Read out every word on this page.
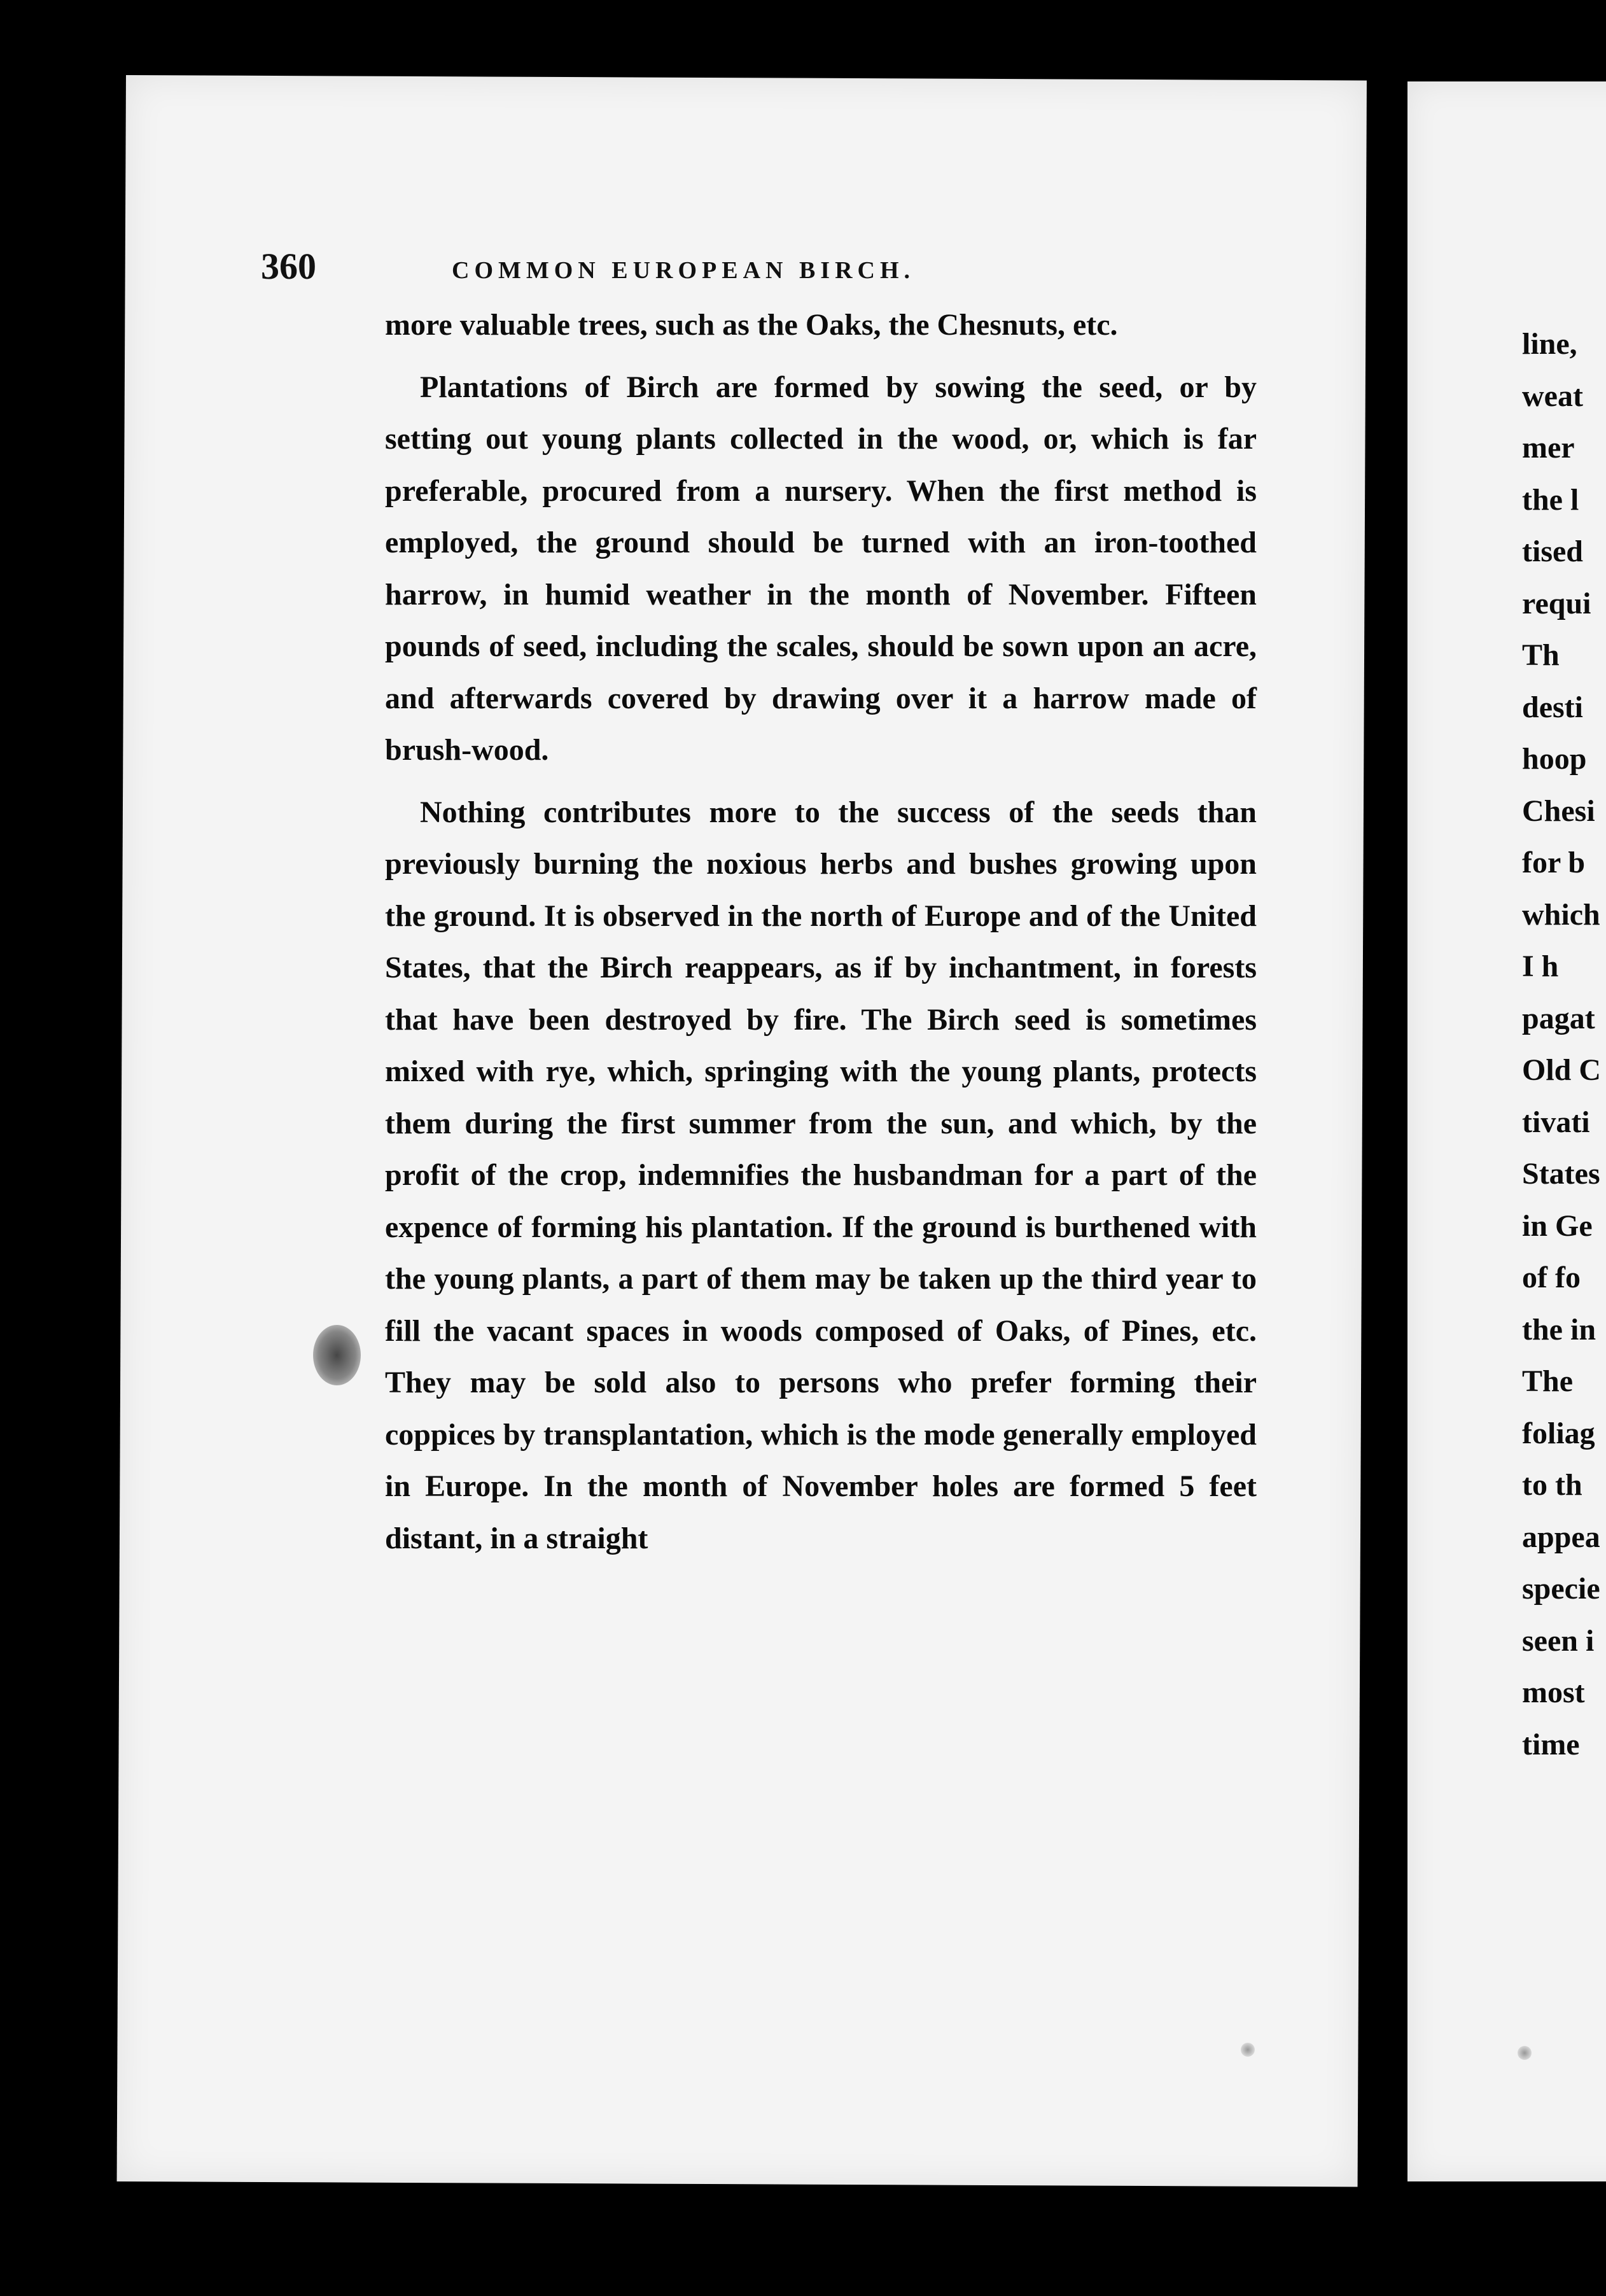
360	COMMON EUROPEAN BIRCH.

more valuable trees, such as the Oaks, the Chesnuts, etc.

Plantations of Birch are formed by sowing the seed, or by setting out young plants collected in the wood, or, which is far preferable, procured from a nursery. When the first method is employed, the ground should be turned with an iron-toothed harrow, in humid weather in the month of November. Fifteen pounds of seed, including the scales, should be sown upon an acre, and afterwards covered by drawing over it a harrow made of brush-wood.

Nothing contributes more to the success of the seeds than previously burning the noxious herbs and bushes growing upon the ground. It is observed in the north of Europe and of the United States, that the Birch reappears, as if by inchantment, in forests that have been destroyed by fire. The Birch seed is sometimes mixed with rye, which, springing with the young plants, protects them during the first summer from the sun, and which, by the profit of the crop, indemnifies the husbandman for a part of the expence of forming his plantation. If the ground is burthened with the young plants, a part of them may be taken up the third year to fill the vacant spaces in woods composed of Oaks, of Pines, etc. They may be sold also to persons who prefer forming their coppices by transplantation, which is the mode generally employed in Europe. In the month of November holes are formed 5 feet distant, in a straight

line,
weat
mer
the l
tised
requi
Th
desti
hoop
Chesi
for b
which
I h
pagat
Old C
tivati
States
in Ge
of fo
the in
The
foliag
to th
appea
specie
seen i
most
time
